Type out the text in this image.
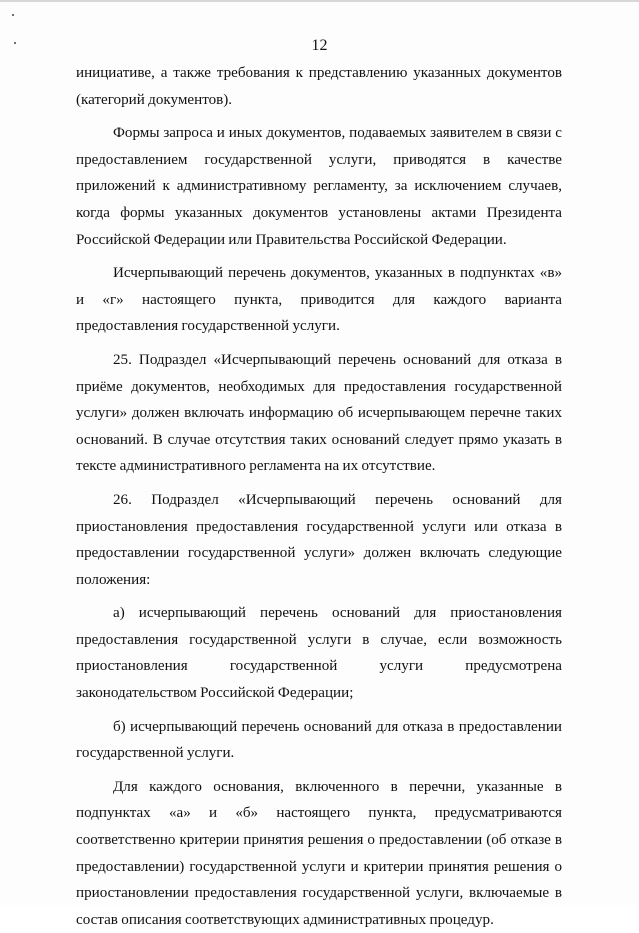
12

инициативе, а также требования к представлению указанных документов (категорий документов).

Формы запроса и иных документов, подаваемых заявителем в связи с предоставлением государственной услуги, приводятся в качестве приложений к административному регламенту, за исключением случаев, когда формы указанных документов установлены актами Президента Российской Федерации или Правительства Российской Федерации.

Исчерпывающий перечень документов, указанных в подпунктах «в» и «г» настоящего пункта, приводится для каждого варианта предоставления государственной услуги.

25. Подраздел «Исчерпывающий перечень оснований для отказа в приёме документов, необходимых для предоставления государственной услуги» должен включать информацию об исчерпывающем перечне таких оснований. В случае отсутствия таких оснований следует прямо указать в тексте административного регламента на их отсутствие.

26. Подраздел «Исчерпывающий перечень оснований для приостановления предоставления государственной услуги или отказа в предоставлении государственной услуги» должен включать следующие положения:

а) исчерпывающий перечень оснований для приостановления предоставления государственной услуги в случае, если возможность приостановления государственной услуги предусмотрена законодательством Российской Федерации;

б) исчерпывающий перечень оснований для отказа в предоставлении государственной услуги.

Для каждого основания, включенного в перечни, указанные в подпунктах «а» и «б» настоящего пункта, предусматриваются соответственно критерии принятия решения о предоставлении (об отказе в предоставлении) государственной услуги и критерии принятия решения о приостановлении предоставления государственной услуги, включаемые в состав описания соответствующих административных процедур.
